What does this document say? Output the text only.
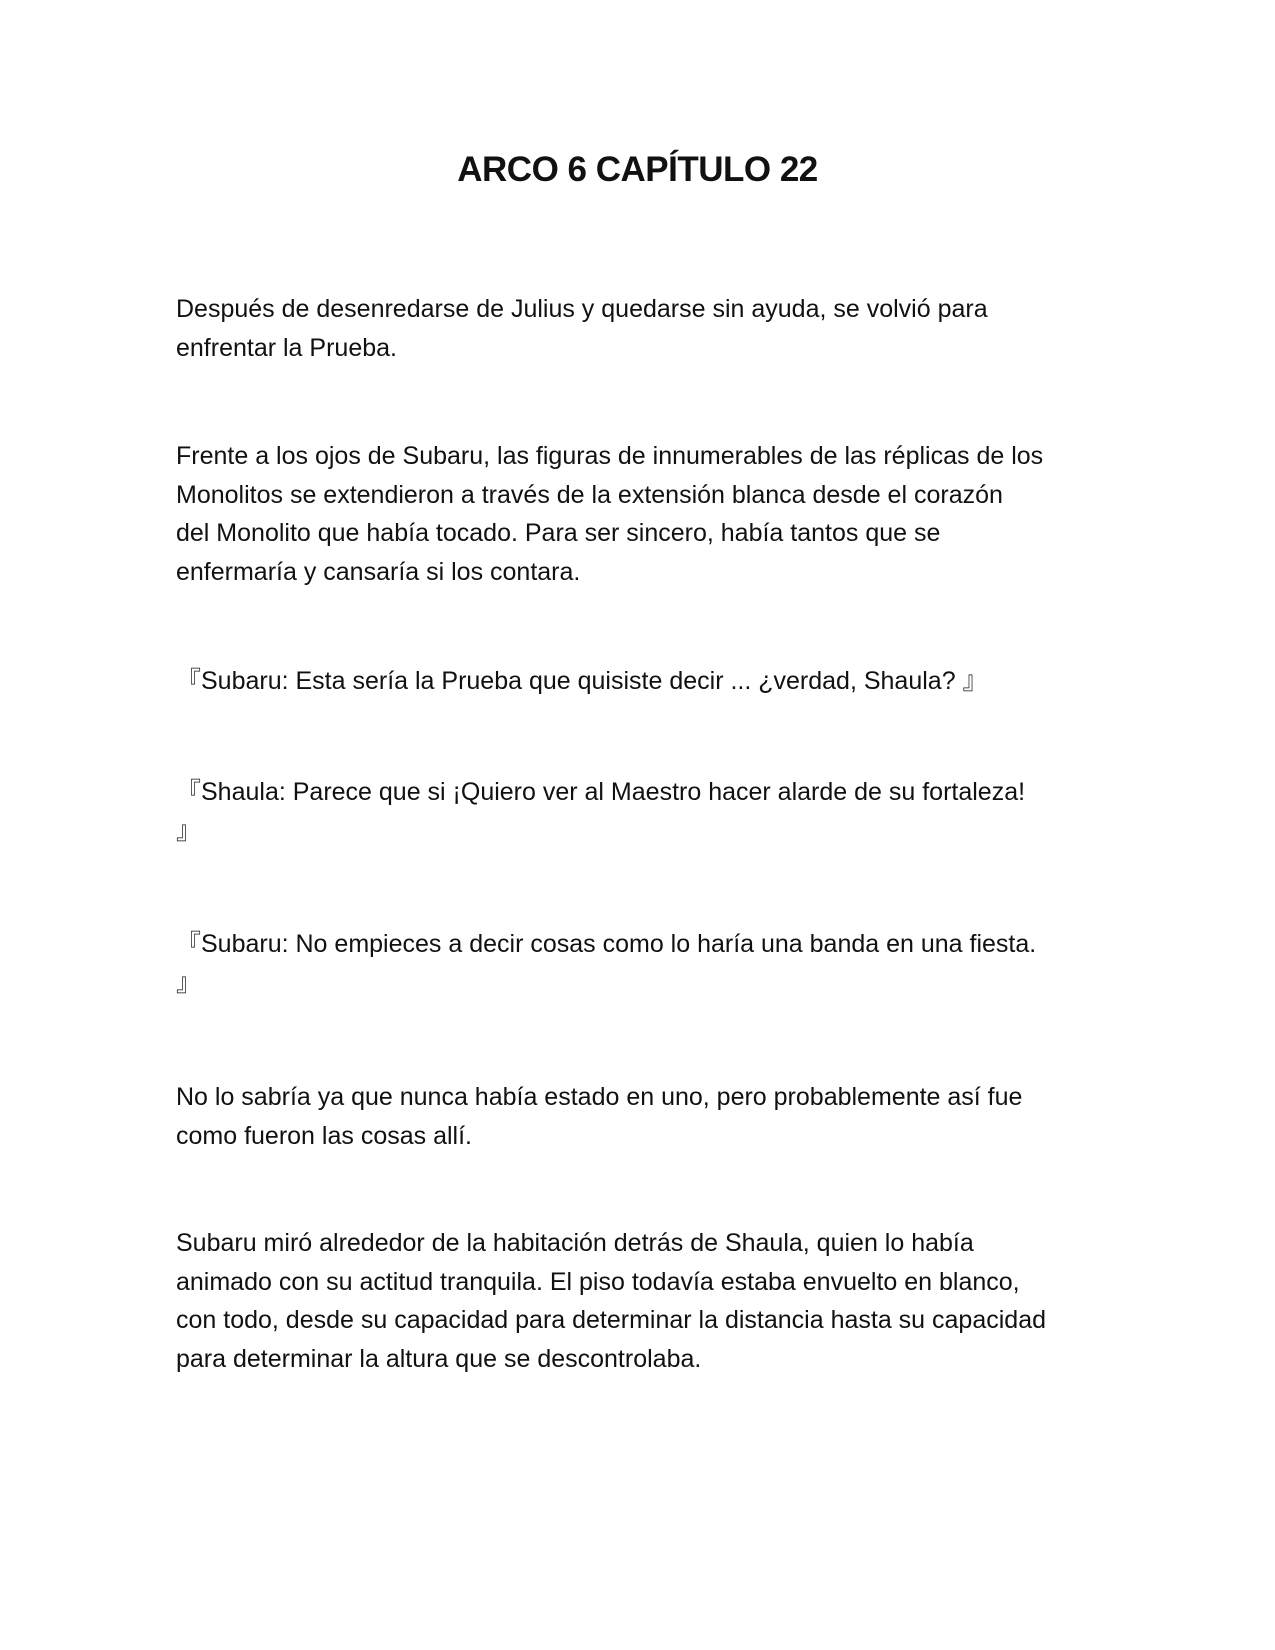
ARCO 6 CAPÍTULO 22

Después de desenredarse de Julius y quedarse sin ayuda, se volvió para
enfrentar la Prueba.

Frente a los ojos de Subaru, las figuras de innumerables de las réplicas de los
Monolitos se extendieron a través de la extensión blanca desde el corazón
del Monolito que había tocado. Para ser sincero, había tantos que se
enfermaría y cansaría si los contara.

『Subaru: Esta sería la Prueba que quisiste decir ... ¿verdad, Shaula? 』

『Shaula: Parece que si ¡Quiero ver al Maestro hacer alarde de su fortaleza!
』

『Subaru: No empieces a decir cosas como lo haría una banda en una fiesta.
』

No lo sabría ya que nunca había estado en uno, pero probablemente así fue
como fueron las cosas allí.

Subaru miró alrededor de la habitación detrás de Shaula, quien lo había
animado con su actitud tranquila. El piso todavía estaba envuelto en blanco,
con todo, desde su capacidad para determinar la distancia hasta su capacidad
para determinar la altura que se descontrolaba.
